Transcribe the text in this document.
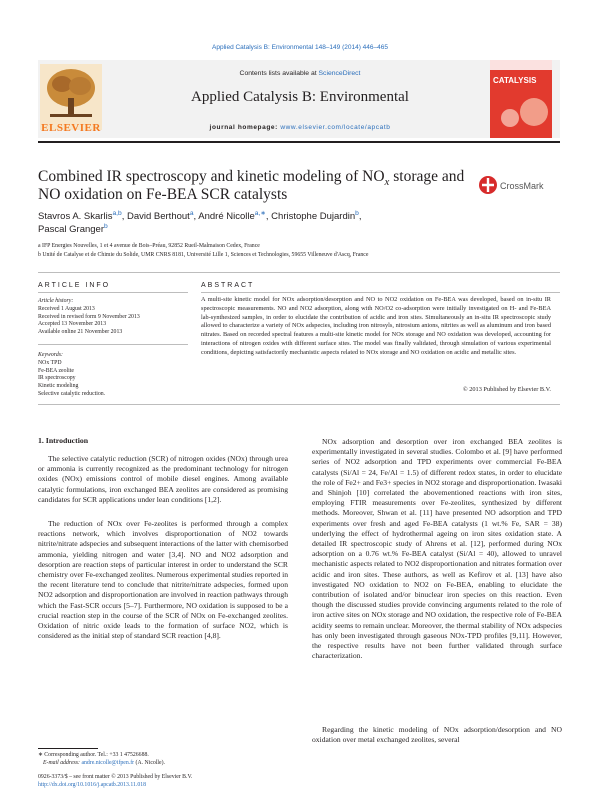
Applied Catalysis B: Environmental 148–149 (2014) 446–465
ELSEVIER
Contents lists available at ScienceDirect
Applied Catalysis B: Environmental
journal homepage: www.elsevier.com/locate/apcatb
CATALYSIS
Combined IR spectroscopy and kinetic modeling of $NO_x$ storage and NO oxidation on Fe-BEA SCR catalysts	CrossMark
Stavros A. Skarlis$^{a,b}$, David Berthout$^a$, André Nicolle$^{a,∗}$, Christophe Dujardin$^b$,
Pascal Granger$^b$
a IFP Energies Nouvelles, 1 et 4 avenue de Bois–Préau, 92852 Rueil-Malmaison Cedex, France
b Unité de Catalyse et de Chimie du Solide, UMR CNRS 8181, Université Lille 1, Sciences et Technologies, 59655 Villeneuve d'Ascq, France
ARTICLE INFO	ABSTRACT
Article history:
Received 1 August 2013
Received in revised form 9 November 2013
Accepted 13 November 2013
Available online 21 November 2013
Keywords:
NOx TPD
Fe-BEA zeolite
IR spectroscopy
Kinetic modeling
Selective catalytic reduction.
A multi-site kinetic model for NOx adsorption/desorption and NO to NO2 oxidation on Fe-BEA was developed, based on in-situ IR spectroscopic measurements. NO and NO2 adsorption, along with NO/O2 co-adsorption were initially investigated on H- and Fe-BEA lab-synthesized samples, in order to elucidate the contribution of acidic and iron sites. Simultaneously an in-situ IR spectroscopic study allowed to characterize a variety of NOx adspecies, including iron nitrosyls, nitrosium anions, nitrites as well as aluminum and iron based nitrates. Based on recorded spectral features a multi-site kinetic model for NOx storage and NO oxidation was developed, accounting for interactions of nitrogen oxides with different surface sites. The model was finally validated, through simulation of various experimental conditions, depicting satisfactorily mechanistic aspects related to NOx storage and NO oxidation on acidic and metallic sites.
© 2013 Published by Elsevier B.V.
1. Introduction
The selective catalytic reduction (SCR) of nitrogen oxides (NOx) through urea or ammonia is currently recognized as the predominant technology for nitrogen oxides (NOx) emissions control of mobile diesel engines. Among available catalytic formulations, iron exchanged BEA zeolites are considered as promising candidates for SCR applications under lean conditions [1,2].
The reduction of NOx over Fe-zeolites is performed through a complex reactions network, which involves disproportionation of NO2 towards nitrite/nitrate adspecies and subsequent interactions of the latter with chemisorbed ammonia, yielding nitrogen and water [3,4]. NO and NO2 adsorption and desorption are reaction steps of particular interest in order to understand the SCR chemistry over Fe-exchanged zeolites. Numerous experimental studies reported in the recent literature tend to conclude that nitrite/nitrate adspecies, formed upon NO2 adsorption and disproportionation are involved in reaction pathways through which the Fast-SCR occurs [5–7]. Furthermore, NO oxidation is supposed to be a crucial reaction step in the course of the SCR of NOx on Fe-exchanged zeolites. Oxidation of nitric oxide leads to the formation of surface NO2, which is considered as the initial step of standard SCR reaction [4,8].
NOx adsorption and desorption over iron exchanged BEA zeolites is experimentally investigated in several studies. Colombo et al. [9] have performed series of NO2 adsorption and TPD experiments over commercial Fe-BEA catalysts (Si/Al = 24, Fe/Al = 1.5) of different redox states, in order to elucidate the role of Fe2+ and Fe3+ species in NO2 storage and disproportionation. Iwasaki and Shinjoh [10] correlated the abovementioned reactions with iron sites, employing FTIR measurements over Fe-zeolites, synthesized by different methods. Moreover, Shwan et al. [11] have presented NO adsorption and TPD experiments over fresh and aged Fe-BEA catalysts (1 wt.% Fe, SAR = 38) underlying the effect of hydrothermal ageing on iron sites oxidation state. A detailed IR spectroscopic study of Ahrens et al. [12], performed during NOx adsorption on a 0.76 wt.% Fe-BEA catalyst (Si/Al = 40), allowed to unravel mechanistic aspects related to NO2 disproportionation and nitrates formation over acidic and iron sites. These authors, as well as Kefirov et al. [13] have also investigated NO oxidation to NO2 on Fe-BEA, enabling to elucidate the contribution of isolated and/or binuclear iron species on this reaction. Even though the discussed studies provide convincing arguments related to the role of iron active sites on NOx storage and NO oxidation, the respective role of Fe-BEA acidity seems to remain unclear. Moreover, the thermal stability of NOx adspecies has only been investigated through gaseous NOx-TPD profiles [9,11]. However, the respective results have not been further validated through surface characterization.
Regarding the kinetic modeling of NOx adsorption/desorption and NO oxidation over metal exchanged zeolites, several
∗ Corresponding author. Tel.: +33 1 47526688.
E-mail address: andre.nicolle@ifpen.fr (A. Nicolle).
0926-3373/$ – see front matter © 2013 Published by Elsevier B.V.
http://dx.doi.org/10.1016/j.apcatb.2013.11.018
